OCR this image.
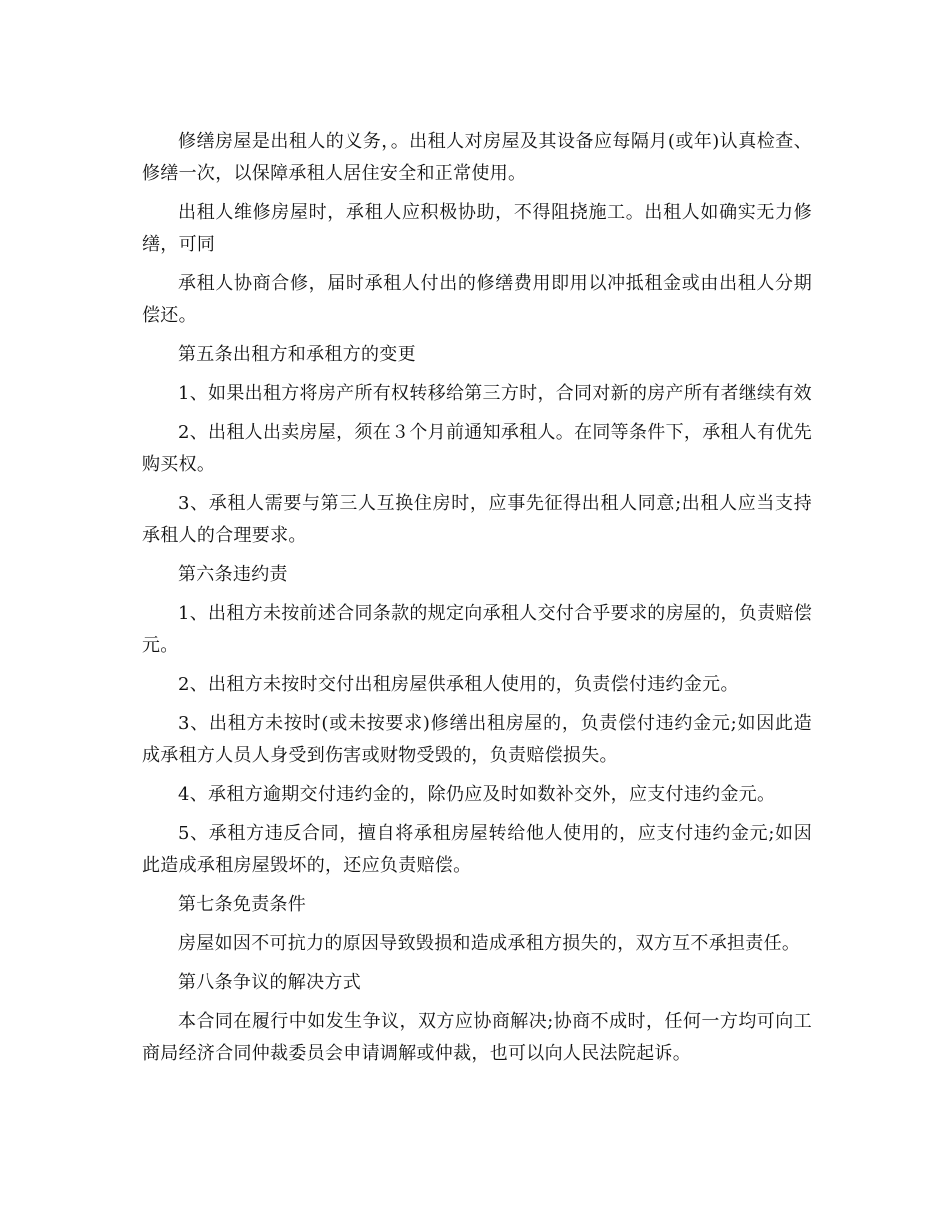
修缮房屋是出租人的义务，。出租人对房屋及其设备应每隔月(或年)认真检查、修缮一次，以保障承租人居住安全和正常使用。

出租人维修房屋时，承租人应积极协助，不得阻挠施工。出租人如确实无力修缮，可同

承租人协商合修，届时承租人付出的修缮费用即用以冲抵租金或由出租人分期偿还。

第五条出租方和承租方的变更

1、如果出租方将房产所有权转移给第三方时，合同对新的房产所有者继续有效

2、出租人出卖房屋，须在３个月前通知承租人。在同等条件下，承租人有优先购买权。

3、承租人需要与第三人互换住房时，应事先征得出租人同意;出租人应当支持承租人的合理要求。

第六条违约责

1、出租方未按前述合同条款的规定向承租人交付合乎要求的房屋的，负责赔偿元。

2、出租方未按时交付出租房屋供承租人使用的，负责偿付违约金元。

3、出租方未按时(或未按要求)修缮出租房屋的，负责偿付违约金元;如因此造成承租方人员人身受到伤害或财物受毁的，负责赔偿损失。

4、承租方逾期交付违约金的，除仍应及时如数补交外，应支付违约金元。

5、承租方违反合同，擅自将承租房屋转给他人使用的，应支付违约金元;如因此造成承租房屋毁坏的，还应负责赔偿。

第七条免责条件

房屋如因不可抗力的原因导致毁损和造成承租方损失的，双方互不承担责任。

第八条争议的解决方式

本合同在履行中如发生争议，双方应协商解决;协商不成时，任何一方均可向工商局经济合同仲裁委员会申请调解或仲裁，也可以向人民法院起诉。
